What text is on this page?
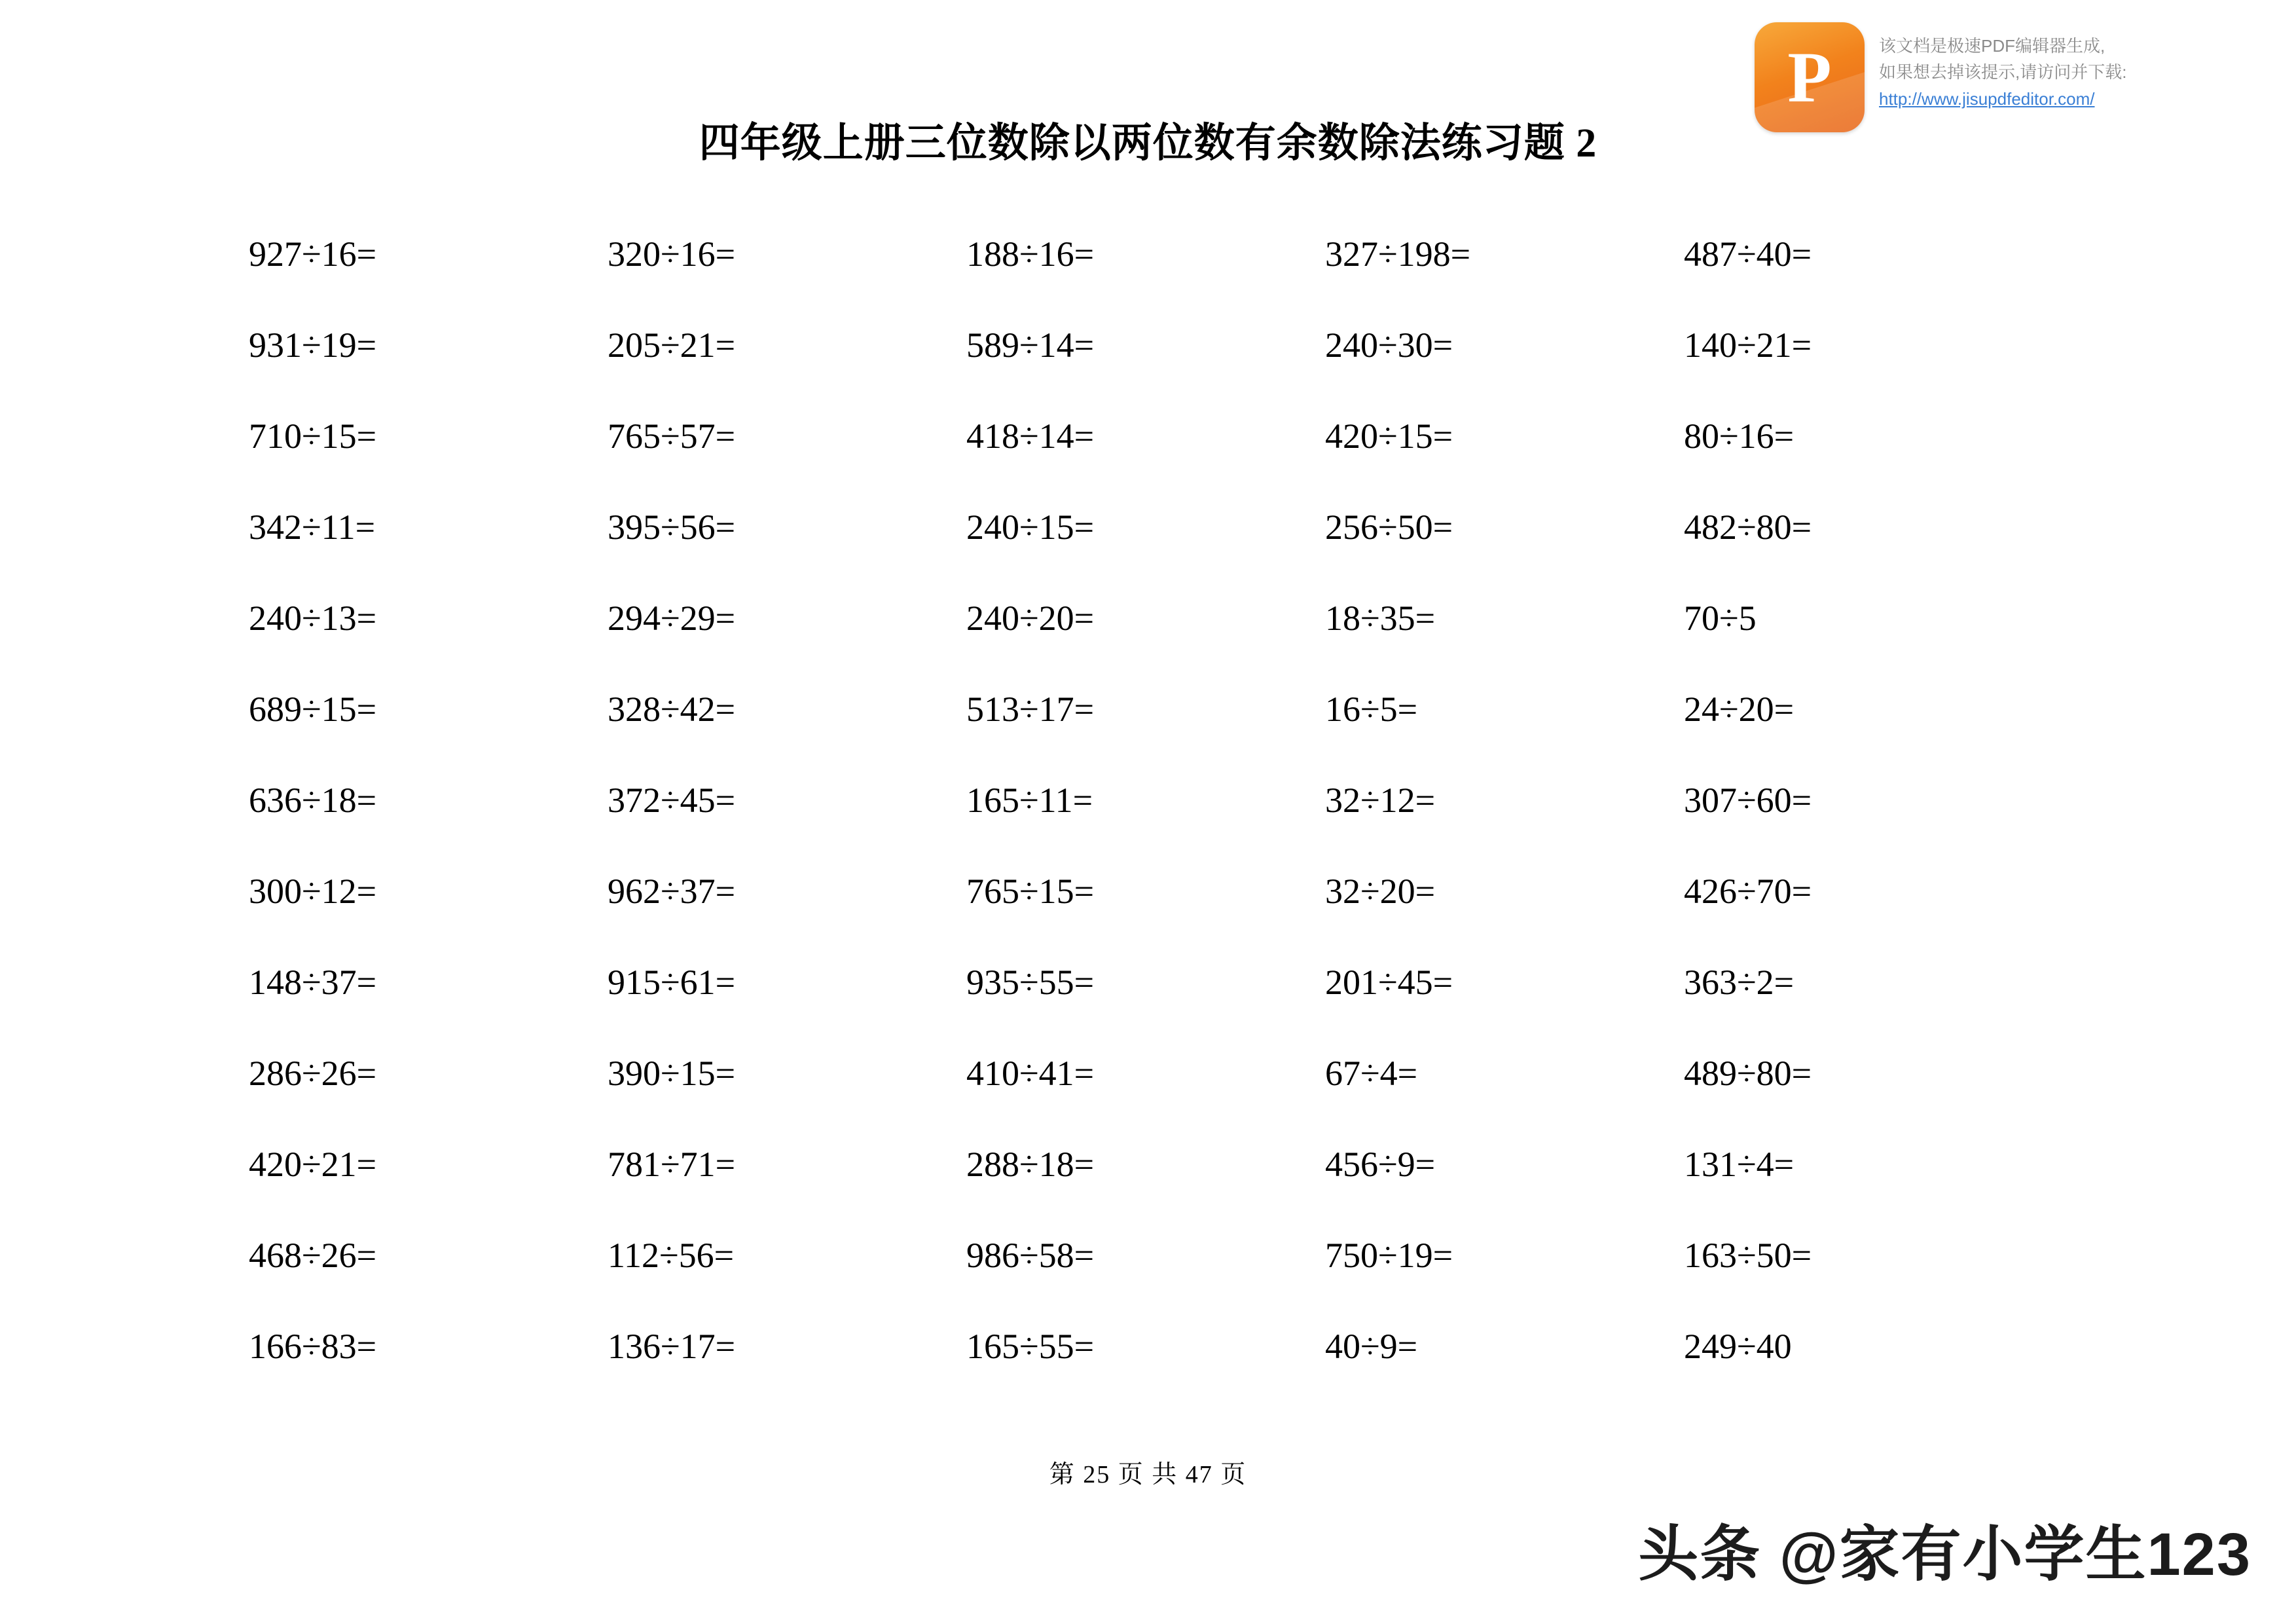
P	该文档是极速PDF编辑器生成,
如果想去掉该提示,请访问并下载:
http://www.jisupdfeditor.com/
四年级上册三位数除以两位数有余数除法练习题 2
927÷16=	320÷16=	188÷16=	327÷198=	487÷40=
931÷19=	205÷21=	589÷14=	240÷30=	140÷21=
710÷15=	765÷57=	418÷14=	420÷15=	80÷16=
342÷11=	395÷56=	240÷15=	256÷50=	482÷80=
240÷13=	294÷29=	240÷20=	18÷35=	70÷5
689÷15=	328÷42=	513÷17=	16÷5=	24÷20=
636÷18=	372÷45=	165÷11=	32÷12=	307÷60=
300÷12=	962÷37=	765÷15=	32÷20=	426÷70=
148÷37=	915÷61=	935÷55=	201÷45=	363÷2=
286÷26=	390÷15=	410÷41=	67÷4=	489÷80=
420÷21=	781÷71=	288÷18=	456÷9=	131÷4=
468÷26=	112÷56=	986÷58=	750÷19=	163÷50=
166÷83=	136÷17=	165÷55=	40÷9=	249÷40
第 25 页 共 47 页
头条 @家有小学生123
